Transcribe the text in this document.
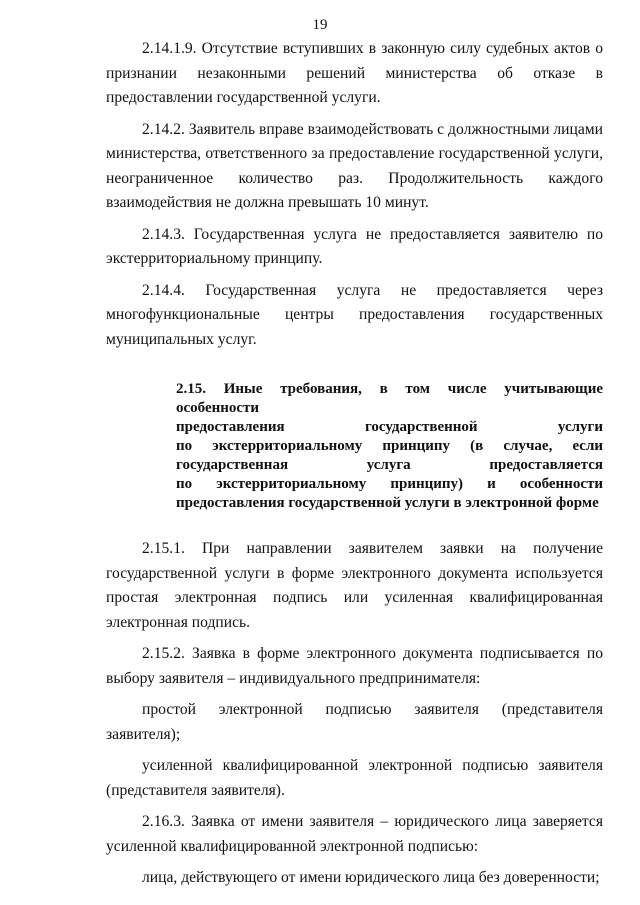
19

2.14.1.9. Отсутствие вступивших в законную силу судебных актов о признании незаконными решений министерства об отказе в предоставлении государственной услуги.

2.14.2. Заявитель вправе взаимодействовать с должностными лицами министерства, ответственного за предоставление государственной услуги, неограниченное количество раз. Продолжительность каждого взаимодействия не должна превышать 10 минут.

2.14.3. Государственная услуга не предоставляется заявителю по экстерриториальному принципу.

2.14.4. Государственная услуга не предоставляется через многофункциональные центры предоставления государственных муниципальных услуг.

2.15. Иные требования, в том числе учитывающие особенности
предоставления государственной услуги
по экстерриториальному принципу (в случае, если
государственная услуга предоставляется
по экстерриториальному принципу) и особенности
предоставления государственной услуги в электронной форме

2.15.1. При направлении заявителем заявки на получение государственной услуги в форме электронного документа используется простая электронная подпись или усиленная квалифицированная электронная подпись.

2.15.2. Заявка в форме электронного документа подписывается по выбору заявителя – индивидуального предпринимателя:

простой электронной подписью заявителя (представителя заявителя);

усиленной квалифицированной электронной подписью заявителя (представителя заявителя).

2.16.3. Заявка от имени заявителя – юридического лица заверяется усиленной квалифицированной электронной подписью:

лица, действующего от имени юридического лица без доверенности;
